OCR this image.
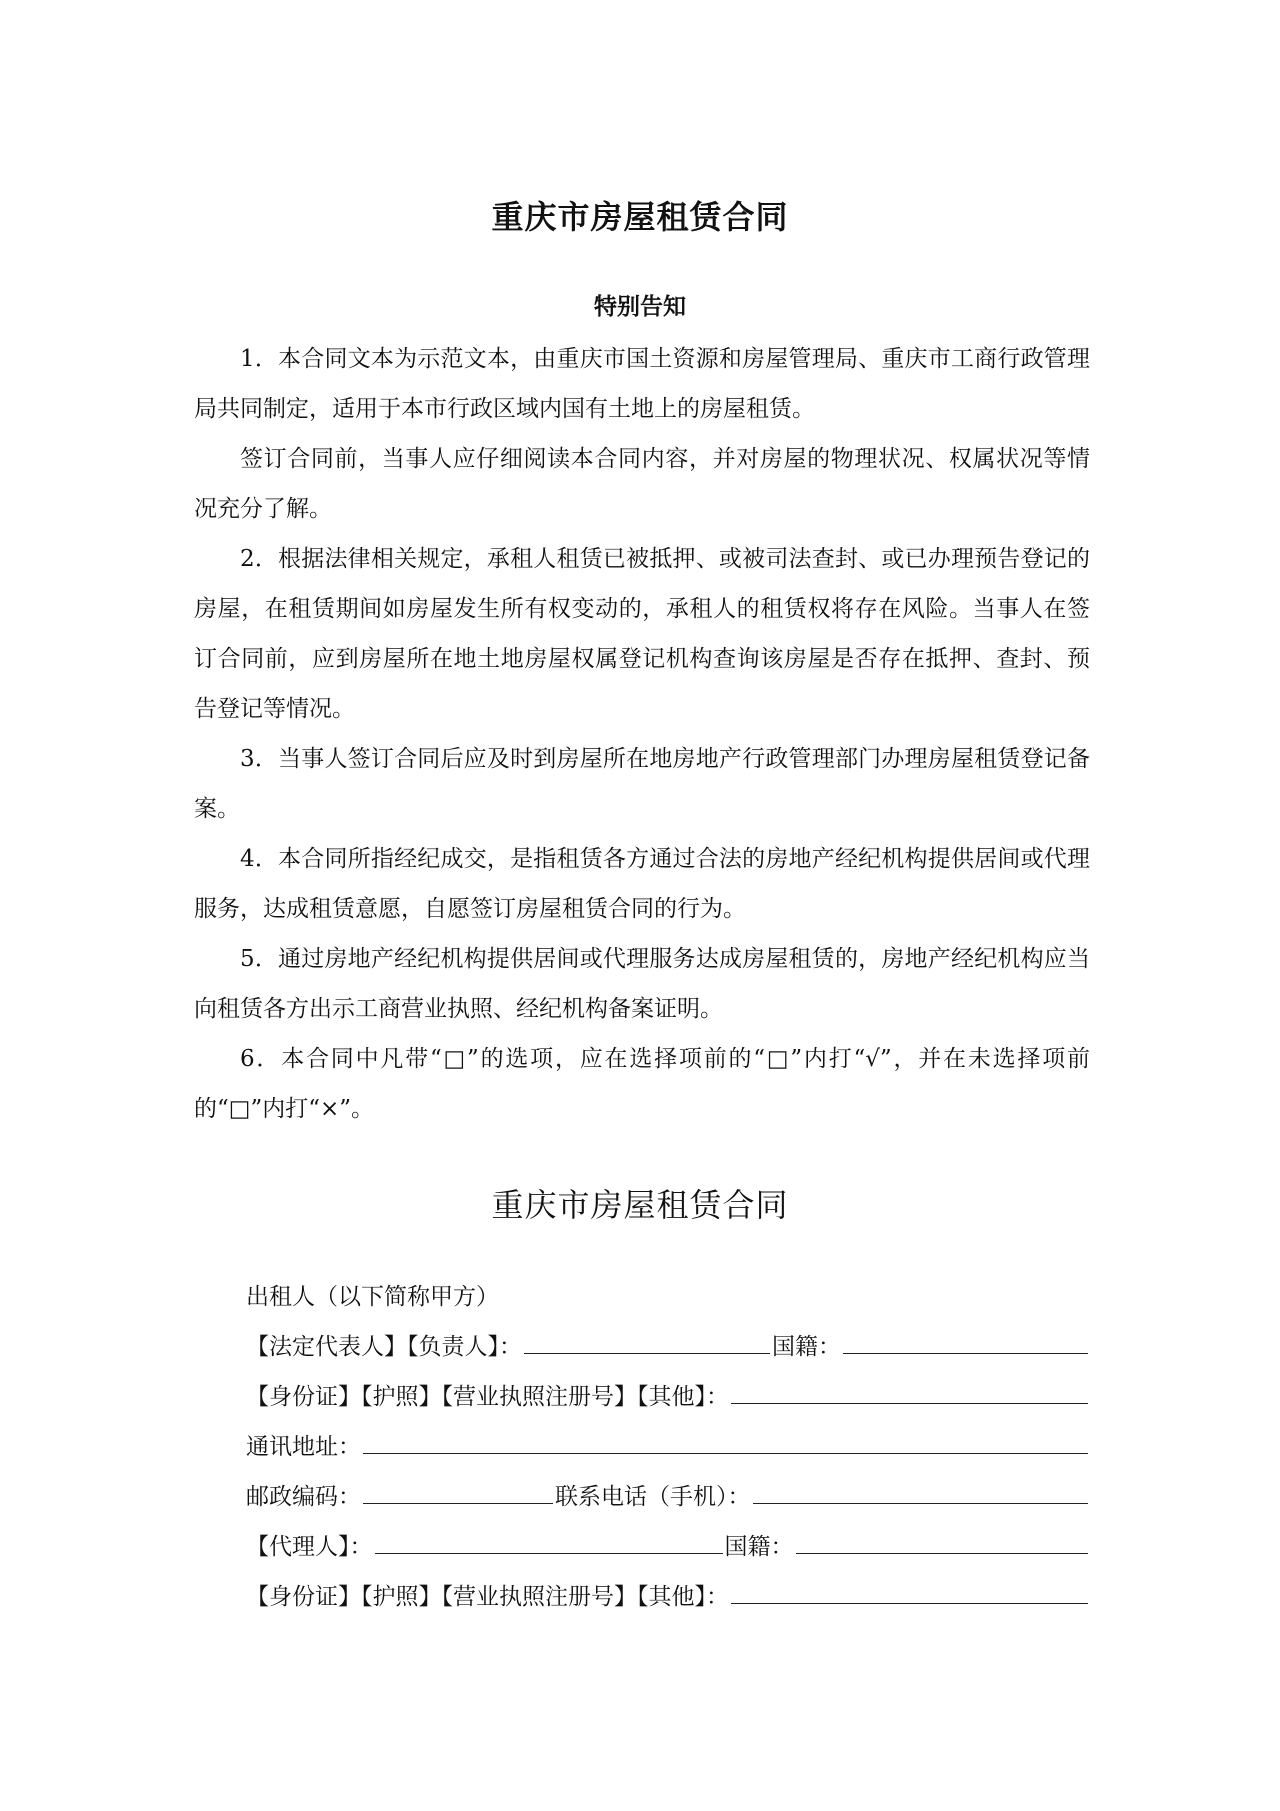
重庆市房屋租赁合同
特别告知

1．本合同文本为示范文本，由重庆市国土资源和房屋管理局、重庆市工商行政管理局共同制定，适用于本市行政区域内国有土地上的房屋租赁。

签订合同前，当事人应仔细阅读本合同内容，并对房屋的物理状况、权属状况等情况充分了解。

2．根据法律相关规定，承租人租赁已被抵押、或被司法查封、或已办理预告登记的房屋，在租赁期间如房屋发生所有权变动的，承租人的租赁权将存在风险。当事人在签订合同前，应到房屋所在地土地房屋权属登记机构查询该房屋是否存在抵押、查封、预告登记等情况。

3．当事人签订合同后应及时到房屋所在地房地产行政管理部门办理房屋租赁登记备案。

4．本合同所指经纪成交，是指租赁各方通过合法的房地产经纪机构提供居间或代理服务，达成租赁意愿，自愿签订房屋租赁合同的行为。

5．通过房地产经纪机构提供居间或代理服务达成房屋租赁的，房地产经纪机构应当向租赁各方出示工商营业执照、经纪机构备案证明。

6．本合同中凡带“□”的选项，应在选择项前的“□”内打“√”，并在未选择项前的“□”内打“×”。

重庆市房屋租赁合同
出租人（以下简称甲方）
【法定代表人】【负责人】：	国籍：
【身份证】【护照】【营业执照注册号】【其他】：
通讯地址：
邮政编码：	联系电话（手机）：
【代理人】：	国籍：
【身份证】【护照】【营业执照注册号】【其他】：
